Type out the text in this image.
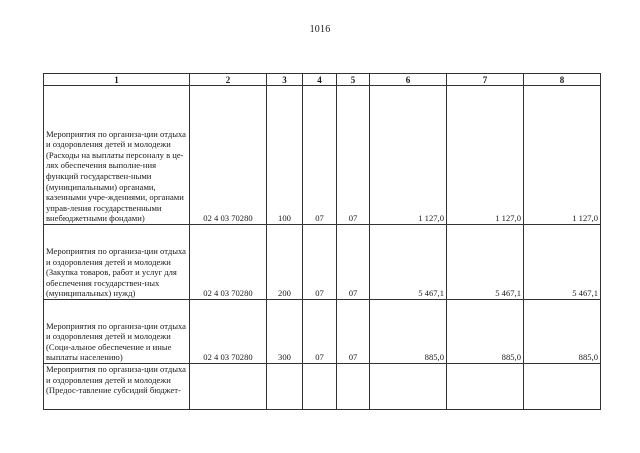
1016
1	2	3	4	5	6	7	8
Мероприятия по организа-ции отдыха и оздоровления детей и молодежи (Расходы на выплаты персоналу в це-лях обеспечения выполне-ния функций государствен-ными (муниципальными) органами, казенными учре-ждениями, органами управ-ления государственными внебюджетными фондами)	02 4 03 70280	100	07	07	1 127,0	1 127,0	1 127,0
Мероприятия по организа-ции отдыха и оздоровления детей и молодежи (Закупка товаров, работ и услуг для обеспечения государствен-ных (муниципальных) нужд)	02 4 03 70280	200	07	07	5 467,1	5 467,1	5 467,1
Мероприятия по организа-ции отдыха и оздоровления детей и молодежи (Соци-альное обеспечение и иные выплаты населению)	02 4 03 70280	300	07	07	885,0	885,0	885,0
Мероприятия по организа-ции отдыха и оздоровления детей и молодежи (Предос-тавление субсидий бюджет-							
